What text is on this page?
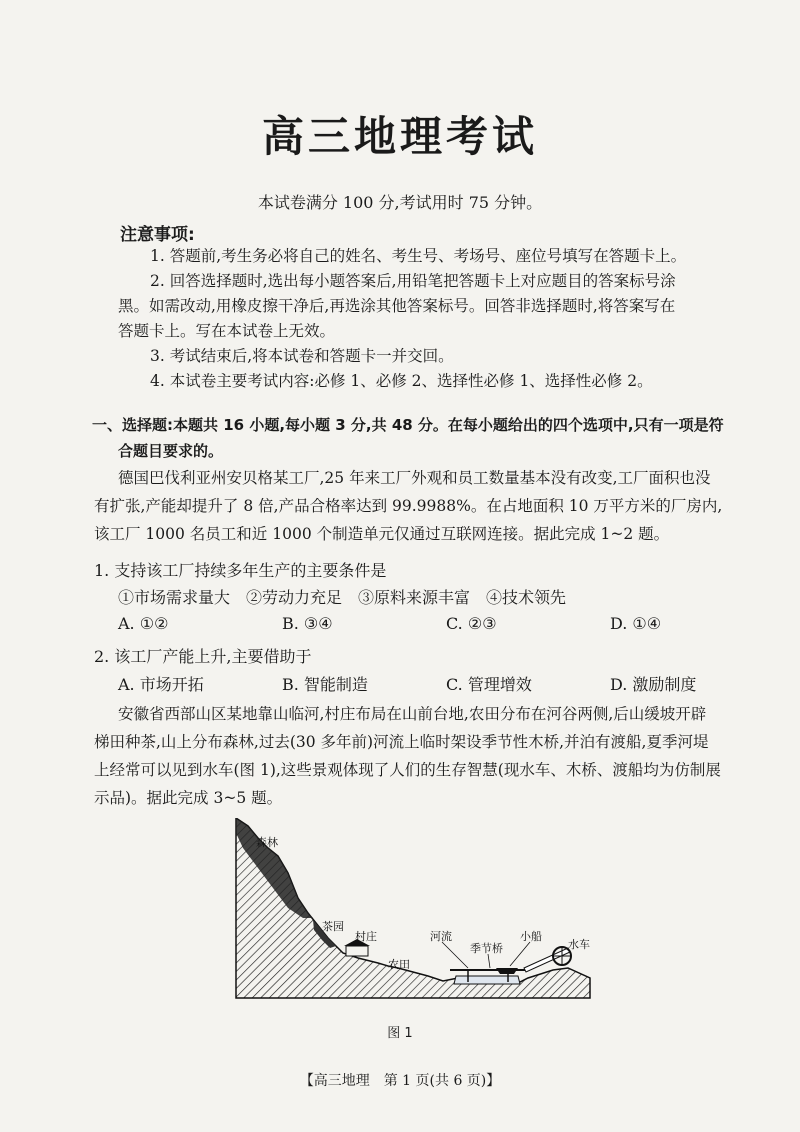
高三地理考试
本试卷满分 100 分,考试用时 75 分钟。
注意事项:
1. 答题前,考生务必将自己的姓名、考生号、考场号、座位号填写在答题卡上。
2. 回答选择题时,选出每小题答案后,用铅笔把答题卡上对应题目的答案标号涂
黑。如需改动,用橡皮擦干净后,再选涂其他答案标号。回答非选择题时,将答案写在
答题卡上。写在本试卷上无效。
3. 考试结束后,将本试卷和答题卡一并交回。
4. 本试卷主要考试内容:必修 1、必修 2、选择性必修 1、选择性必修 2。
一、选择题:本题共 16 小题,每小题 3 分,共 48 分。在每小题给出的四个选项中,只有一项是符
合题目要求的。
德国巴伐利亚州安贝格某工厂,25 年来工厂外观和员工数量基本没有改变,工厂面积也没
有扩张,产能却提升了 8 倍,产品合格率达到 99.9988%。在占地面积 10 万平方米的厂房内,
该工厂 1000 名员工和近 1000 个制造单元仅通过互联网连接。据此完成 1~2 题。
1. 支持该工厂持续多年生产的主要条件是
①市场需求量大　②劳动力充足　③原料来源丰富　④技术领先
A. ①②	B. ③④	C. ②③	D. ①④
2. 该工厂产能上升,主要借助于
A. 市场开拓	B. 智能制造	C. 管理增效	D. 激励制度
安徽省西部山区某地靠山临河,村庄布局在山前台地,农田分布在河谷两侧,后山缓坡开辟
梯田种茶,山上分布森林,过去(30 多年前)河流上临时架设季节性木桥,并泊有渡船,夏季河堤
上经常可以见到水车(图 1),这些景观体现了人们的生存智慧(现水车、木桥、渡船均为仿制展
示品)。据此完成 3~5 题。
森林
茶园
村庄
农田
河流
季节桥
小船
水车
图 1
【高三地理　第 1 页(共 6 页)】
